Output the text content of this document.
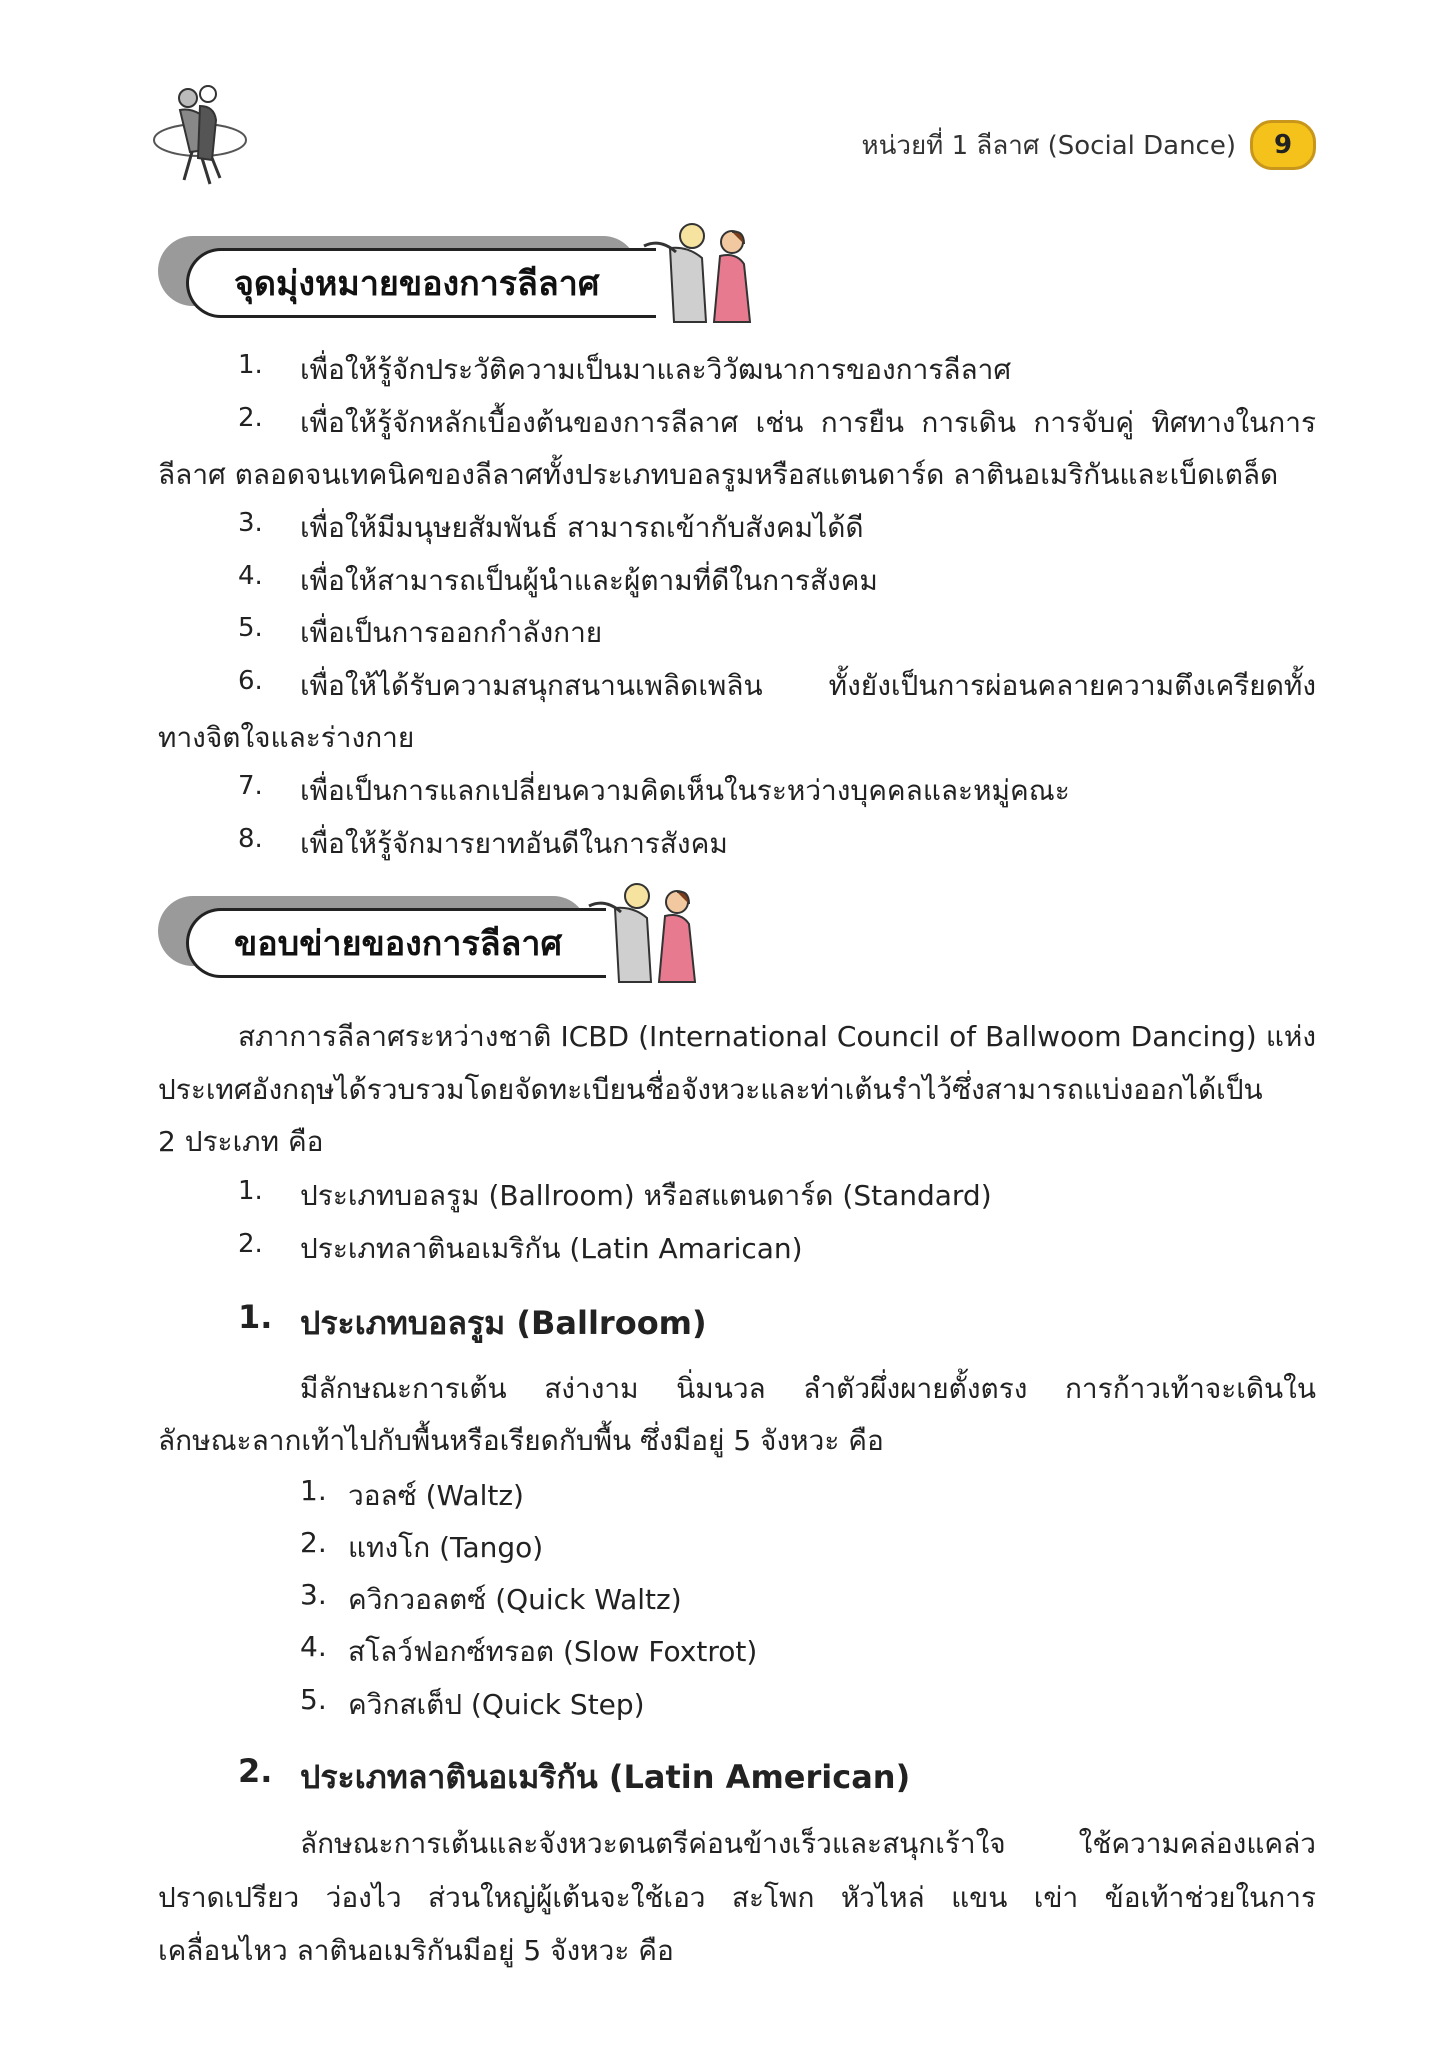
หน่วยที่ 1 ลีลาศ (Social Dance)	9
จุดมุ่งหมายของการลีลาศ
1. เพื่อให้รู้จักประวัติความเป็นมาและวิวัฒนาการของการลีลาศ
2. เพื่อให้รู้จักหลักเบื้องต้นของการลีลาศ เช่น การยืน การเดิน การจับคู่ ทิศทางในการ
ลีลาศ ตลอดจนเทคนิคของลีลาศทั้งประเภทบอลรูมหรือสแตนดาร์ด ลาตินอเมริกันและเบ็ดเตล็ด
3. เพื่อให้มีมนุษยสัมพันธ์ สามารถเข้ากับสังคมได้ดี
4. เพื่อให้สามารถเป็นผู้นำและผู้ตามที่ดีในการสังคม
5. เพื่อเป็นการออกกำลังกาย
6. เพื่อให้ได้รับความสนุกสนานเพลิดเพลิน ทั้งยังเป็นการผ่อนคลายความตึงเครียดทั้ง
ทางจิตใจและร่างกาย
7. เพื่อเป็นการแลกเปลี่ยนความคิดเห็นในระหว่างบุคคลและหมู่คณะ
8. เพื่อให้รู้จักมารยาทอันดีในการสังคม
ขอบข่ายของการลีลาศ
สภาการลีลาศระหว่างชาติ ICBD (International Council of Ballwoom Dancing) แห่ง
ประเทศอังกฤษได้รวบรวมโดยจัดทะเบียนชื่อจังหวะและท่าเต้นรำไว้ซึ่งสามารถแบ่งออกได้เป็น
2 ประเภท คือ
1. ประเภทบอลรูม (Ballroom) หรือสแตนดาร์ด (Standard)
2. ประเภทลาตินอเมริกัน (Latin Amarican)
1. ประเภทบอลรูม (Ballroom)
มีลักษณะการเต้น สง่างาม นิ่มนวล ลำตัวผึ่งผายตั้งตรง การก้าวเท้าจะเดินใน
ลักษณะลากเท้าไปกับพื้นหรือเรียดกับพื้น ซึ่งมีอยู่ 5 จังหวะ คือ
1. วอลซ์ (Waltz)
2. แทงโก (Tango)
3. ควิกวอลตซ์ (Quick Waltz)
4. สโลว์ฟอกซ์ทรอต (Slow Foxtrot)
5. ควิกสเต็ป (Quick Step)
2. ประเภทลาตินอเมริกัน (Latin American)
ลักษณะการเต้นและจังหวะดนตรีค่อนข้างเร็วและสนุกเร้าใจ ใช้ความคล่องแคล่ว
ปราดเปรียว ว่องไว ส่วนใหญ่ผู้เต้นจะใช้เอว สะโพก หัวไหล่ แขน เข่า ข้อเท้าช่วยในการ
เคลื่อนไหว ลาตินอเมริกันมีอยู่ 5 จังหวะ คือ
